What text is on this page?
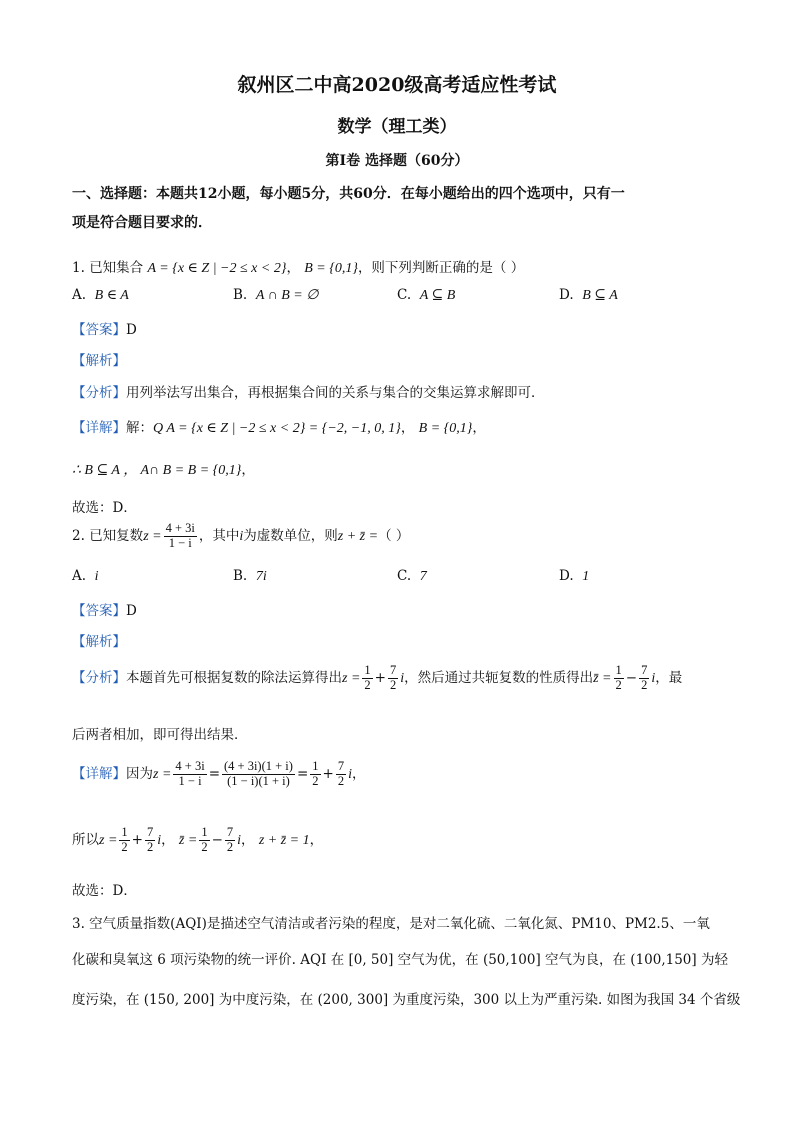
叙州区二中高2020级高考适应性考试
数学（理工类）
第I卷 选择题（60分）
一、选择题：本题共12小题，每小题5分，共60分．在每小题给出的四个选项中，只有一
项是符合题目要求的．
1. 已知集合 A = {x ∈ Z | −2 ≤ x < 2}， B = {0,1}，则下列判断正确的是（ ）
A. B ∈ A	B. A ∩ B = ∅	C. A ⊆ B	D. B ⊆ A
【答案】D
【解析】
【分析】用列举法写出集合，再根据集合间的关系与集合的交集运算求解即可．
【详解】解：Q A = {x ∈ Z | −2 ≤ x < 2} = {−2, −1, 0, 1}， B = {0,1}，
∴ B ⊆ A ， A∩ B = B = {0,1}，
故选：D．
2. 已知复数$z = \frac{4 + 3i}{1 - i}$ ，其中i为虚数单位，则z + z̄ =（ ）
A. i	B. 7i	C. 7	D. 1
【答案】D
【解析】
【分析】本题首先可根据复数的除法运算得出$z = \frac{1}{2} + \frac{7}{2}$ i，然后通过共轭复数的性质得出z̄ = $\frac{1}{2} - \frac{7}{2}$ i，最
后两者相加，即可得出结果．
【详解】因为$z = \frac{4 + 3i}{1 - i} = \frac{(4 + 3i)(1 + i)}{(1 - i)(1 + i)} = \frac{1}{2} + \frac{7}{2}$ i，
所以$z = \frac{1}{2} + \frac{7}{2}$ i， z̄ = $\frac{1}{2} - \frac{7}{2}$ i， z + z̄ = 1，
故选：D．
3. 空气质量指数(AQI)是描述空气清洁或者污染的程度，是对二氧化硫、二氧化氮、PM10、PM2.5、一氧
化碳和臭氧这 6 项污染物的统一评价. AQI 在 [0, 50] 空气为优，在 (50,100] 空气为良，在 (100,150] 为轻
度污染，在 (150, 200] 为中度污染，在 (200, 300] 为重度污染，300 以上为严重污染. 如图为我国 34 个省级
